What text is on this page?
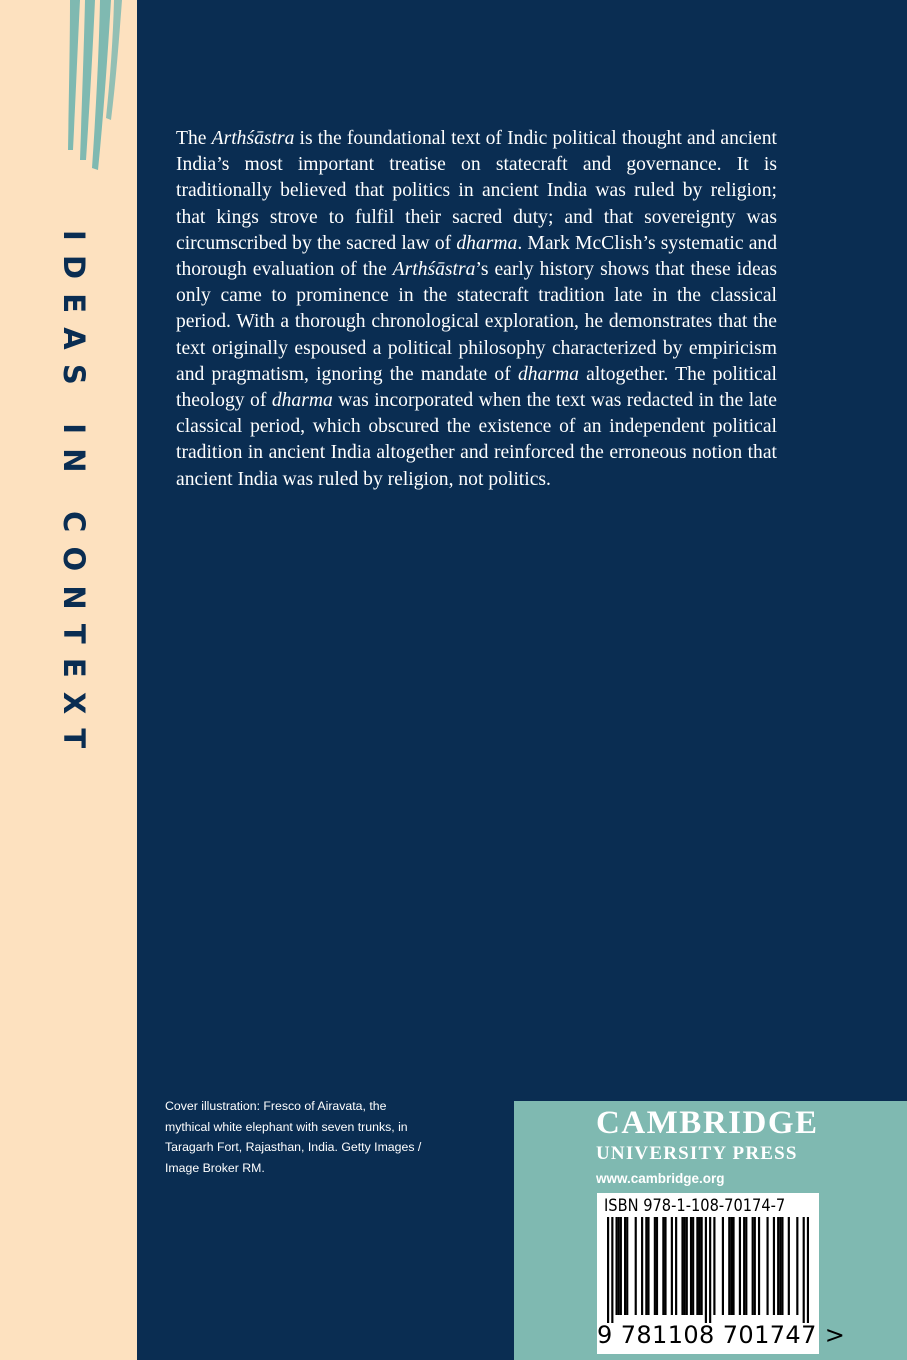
IDEAS IN CONTEXT
The Arthśāstra is the foundational text of Indic political thought and ancient India’s most important treatise on statecraft and governance. It is traditionally believed that politics in ancient India was ruled by religion; that kings strove to fulfil their sacred duty; and that sovereignty was circumscribed by the sacred law of dharma. Mark McClish’s systematic and thorough evaluation of the Arthśāstra’s early history shows that these ideas only came to prominence in the statecraft tradition late in the classical period. With a thorough chronological exploration, he demonstrates that the text originally espoused a political philosophy characterized by empiricism and pragmatism, ignoring the mandate of dharma altogether. The political theology of dharma was incorporated when the text was redacted in the late classical period, which obscured the existence of an independent political tradition in ancient India altogether and reinforced the erroneous notion that ancient India was ruled by religion, not politics.
Cover illustration: Fresco of Airavata, the
mythical white elephant with seven trunks, in
Taragarh Fort, Rajasthan, India. Getty Images /
Image Broker RM.
CAMBRIDGE
UNIVERSITY PRESS
www.cambridge.org
ISBN 978-1-108-70174-7
9 781108 701747 >
